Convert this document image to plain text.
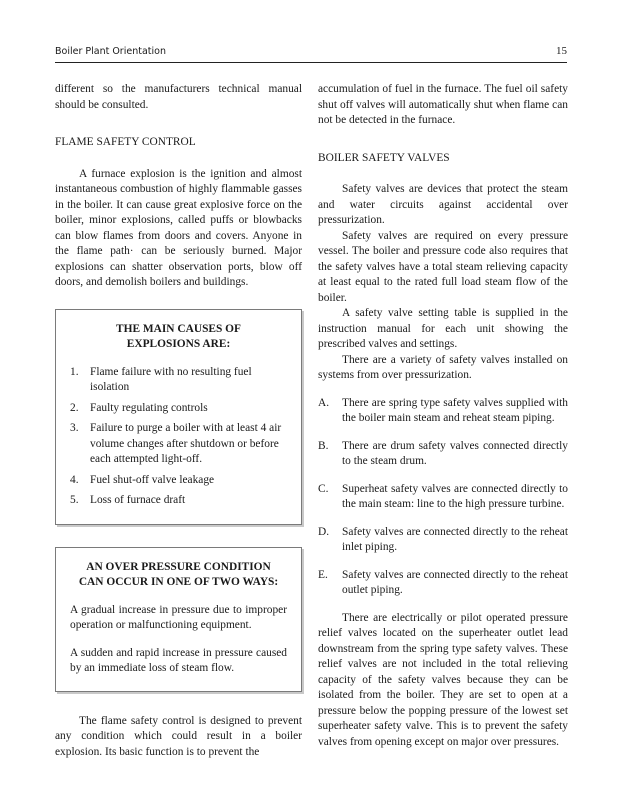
Boiler Plant Orientation	15

different so the manufacturers technical manual should be consulted.

FLAME SAFETY CONTROL

A furnace explosion is the ignition and almost instantaneous combustion of highly flammable gasses in the boiler. It can cause great explosive force on the boiler, minor explosions, called puffs or blowbacks can blow flames from doors and covers. Anyone in the flame path· can be seriously burned. Major explosions can shatter observation ports, blow off doors, and demolish boilers and buildings.

THE MAIN CAUSES OF
EXPLOSIONS ARE:
1. Flame failure with no resulting fuel isolation
2. Faulty regulating controls
3. Failure to purge a boiler with at least 4 air volume changes after shutdown or before each attempted light-off.
4. Fuel shut-off valve leakage
5. Loss of furnace draft
AN OVER PRESSURE CONDITION
CAN OCCUR IN ONE OF TWO WAYS:

A gradual increase in pressure due to improper operation or malfunctioning equipment.

A sudden and rapid increase in pressure caused by an immediate loss of steam flow.

The flame safety control is designed to prevent any condition which could result in a boiler explosion. Its basic function is to prevent the

accumulation of fuel in the furnace. The fuel oil safety shut off valves will automatically shut when flame can not be detected in the furnace.

BOILER SAFETY VALVES

Safety valves are devices that protect the steam and water circuits against accidental over pressurization.

Safety valves are required on every pressure vessel. The boiler and pressure code also requires that the safety valves have a total steam relieving capacity at least equal to the rated full load steam flow of the boiler.

A safety valve setting table is supplied in the instruction manual for each unit showing the prescribed valves and settings.

There are a variety of safety valves installed on systems from over pressurization.

A. There are spring type safety valves supplied with the boiler main steam and reheat steam piping.
B. There are drum safety valves connected directly to the steam drum.
C. Superheat safety valves are connected directly to the main steam: line to the high pressure turbine.
D. Safety valves are connected directly to the reheat inlet piping.
E. Safety valves are connected directly to the reheat outlet piping.

There are electrically or pilot operated pressure relief valves located on the superheater outlet lead downstream from the spring type safety valves. These relief valves are not included in the total relieving capacity of the safety valves because they can be isolated from the boiler. They are set to open at a pressure below the popping pressure of the lowest set superheater safety valve. This is to prevent the safety valves from opening except on major over pressures.
